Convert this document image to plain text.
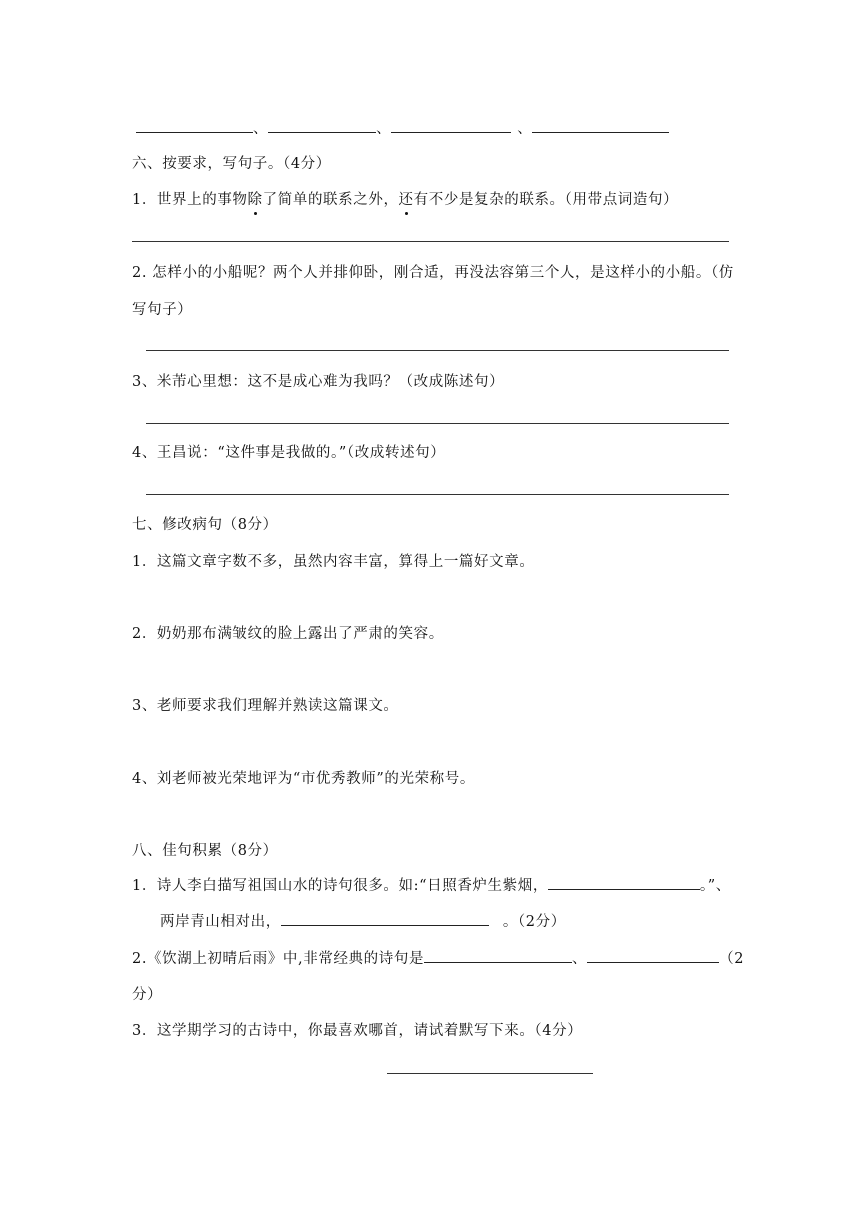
、	、	、
六、按要求，写句子。（4分）
1．世界上的事物除了简单的联系之外，还有不少是复杂的联系。（用带点词造句）
2. 怎样小的小船呢？两个人并排仰卧，刚合适，再没法容第三个人，是这样小的小船。（仿
写句子）
3、米芾心里想：这不是成心难为我吗？（改成陈述句）
4、王昌说：“这件事是我做的。”（改成转述句）
七、修改病句（8分）
1．这篇文章字数不多，虽然内容丰富，算得上一篇好文章。
2．奶奶那布满皱纹的脸上露出了严肃的笑容。
3、老师要求我们理解并熟读这篇课文。
4、刘老师被光荣地评为“市优秀教师”的光荣称号。
八、佳句积累（8分）
1．诗人李白描写祖国山水的诗句很多。如:“日照香炉生紫烟，	。”、
两岸青山相对出，	。（2分）
2.《饮湖上初晴后雨》中,非常经典的诗句是	、	（2
分）
3．这学期学习的古诗中，你最喜欢哪首，请试着默写下来。（4分）
